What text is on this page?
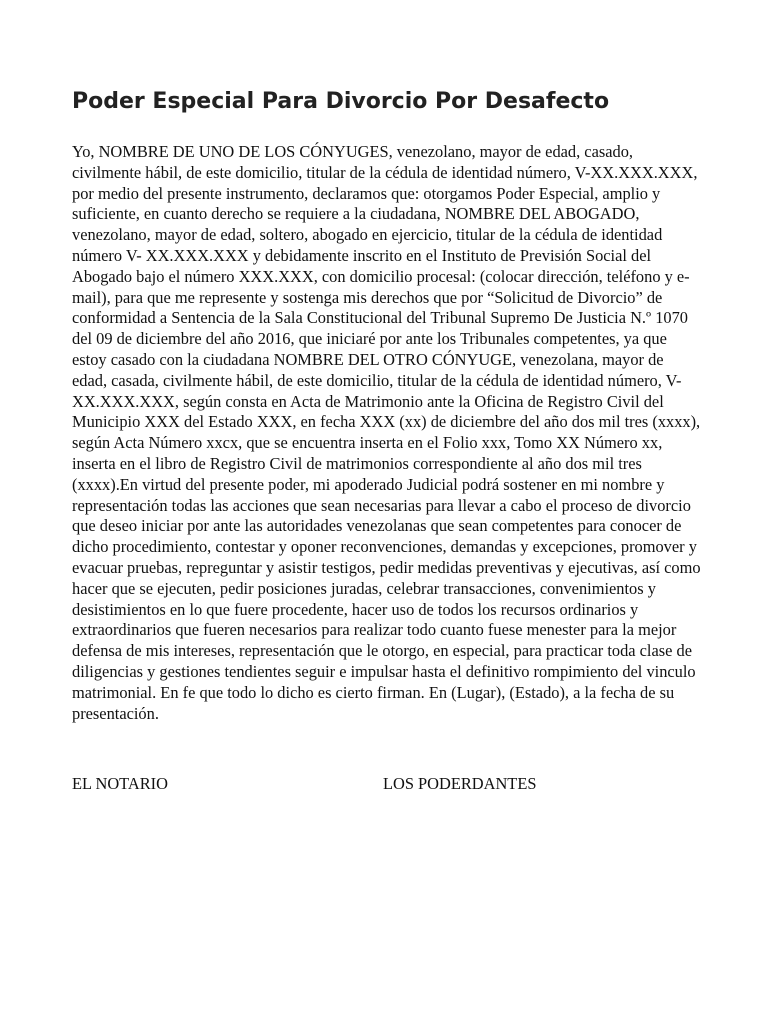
Poder Especial Para Divorcio Por Desafecto

Yo, NOMBRE DE UNO DE LOS CÓNYUGES, venezolano, mayor de edad, casado, civilmente hábil, de este domicilio, titular de la cédula de identidad número, V-XX.XXX.XXX, por medio del presente instrumento, declaramos que: otorgamos Poder Especial, amplio y suficiente, en cuanto derecho se requiere a la ciudadana, NOMBRE DEL ABOGADO, venezolano, mayor de edad, soltero, abogado en ejercicio, titular de la cédula de identidad número V- XX.XXX.XXX y debidamente inscrito en el Instituto de Previsión Social del Abogado bajo el número XXX.XXX, con domicilio procesal: (colocar dirección, teléfono y e-mail), para que me represente y sostenga mis derechos que por “Solicitud de Divorcio” de conformidad a Sentencia de la Sala Constitucional del Tribunal Supremo De Justicia N.º 1070 del 09 de diciembre del año 2016, que iniciaré por ante los Tribunales competentes, ya que estoy casado con la ciudadana NOMBRE DEL OTRO CÓNYUGE, venezolana, mayor de edad, casada, civilmente hábil, de este domicilio, titular de la cédula de identidad número, V- XX.XXX.XXX, según consta en Acta de Matrimonio ante la Oficina de Registro Civil del Municipio XXX del Estado XXX, en fecha XXX (xx) de diciembre del año dos mil tres (xxxx), según Acta Número xxcx, que se encuentra inserta en el Folio xxx, Tomo XX Número xx, inserta en el libro de Registro Civil de matrimonios correspondiente al año dos mil tres (xxxx).En virtud del presente poder, mi apoderado Judicial podrá sostener en mi nombre y representación todas las acciones que sean necesarias para llevar a cabo el proceso de divorcio que deseo iniciar por ante las autoridades venezolanas que sean competentes para conocer de dicho procedimiento, contestar y oponer reconvenciones, demandas y excepciones, promover y evacuar pruebas, repreguntar y asistir testigos, pedir medidas preventivas y ejecutivas, así como hacer que se ejecuten, pedir posiciones juradas, celebrar transacciones, convenimientos y desistimientos en lo que fuere procedente, hacer uso de todos los recursos ordinarios y extraordinarios que fueren necesarios para realizar todo cuanto fuese menester para la mejor defensa de mis intereses, representación que le otorgo, en especial, para practicar toda clase de diligencias y gestiones tendientes seguir e impulsar hasta el definitivo rompimiento del vinculo matrimonial. En fe que todo lo dicho es cierto firman. En (Lugar), (Estado), a la fecha de su presentación.

EL NOTARIO	LOS PODERDANTES
